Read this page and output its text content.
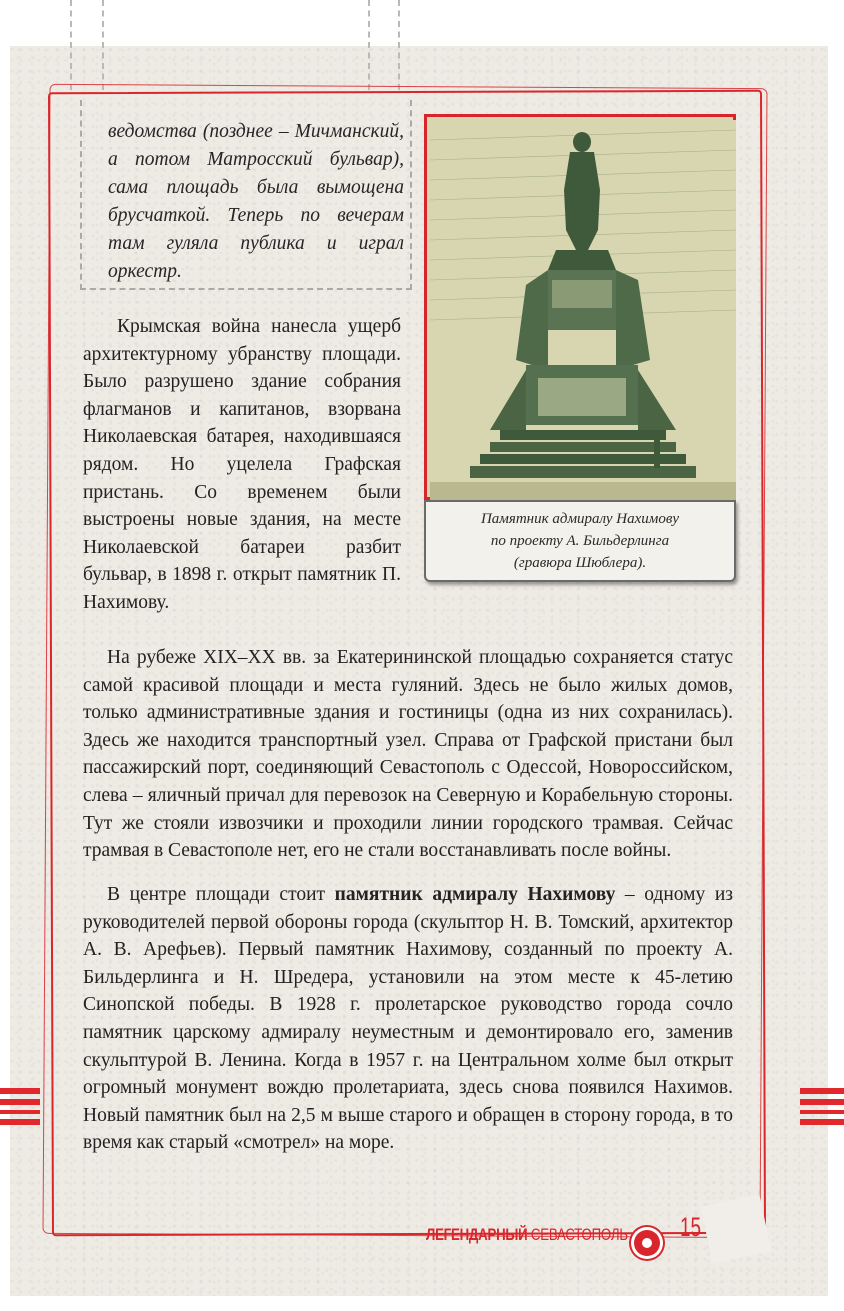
ведомства (позднее – Мичманский, а потом Матросский бульвар), сама площадь была вымощена брусчаткой. Теперь по вечерам там гуляла публика и играл оркестр.

Крымская война нанесла ущерб архитектурному убранству площади. Было разрушено здание собрания флагманов и капитанов, взорвана Николаевская батарея, находившаяся рядом. Но уцелела Графская пристань. Со временем были выстроены новые здания, на месте Николаевской батареи разбит бульвар, в 1898 г. открыт памятник П. Нахимову.

Памятник адмиралу Нахимову
по проекту А. Бильдерлинга
(гравюра Шюблера).

На рубеже XIX–XX вв. за Екатерининской площадью сохраняется статус самой красивой площади и места гуляний. Здесь не было жилых домов, только административные здания и гостиницы (одна из них сохранилась). Здесь же находится транспортный узел. Справа от Графской пристани был пассажирский порт, соединяющий Севастополь с Одессой, Новороссийском, слева – яличный причал для перевозок на Северную и Корабельную стороны. Тут же стояли извозчики и проходили линии городского трамвая. Сейчас трамвая в Севастополе нет, его не стали восстанавливать после войны.

В центре площади стоит памятник адмиралу Нахимову – одному из руководителей первой обороны города (скульптор Н. В. Томский, архитектор А. В. Арефьев). Первый памятник Нахимову, созданный по проекту А. Бильдерлинга и Н. Шредера, установили на этом месте к 45-летию Синопской победы. В 1928 г. пролетарское руководство города сочло памятник царскому адмиралу неуместным и демонтировало его, заменив скульптурой В. Ленина. Когда в 1957 г. на Центральном холме был открыт огромный монумент вождю пролетариата, здесь снова появился Нахимов. Новый памятник был на 2,5 м выше старого и обращен в сторону города, в то время как старый «смотрел» на море.

ЛЕГЕНДАРНЫЙ СЕВАСТОПОЛЬ 15
